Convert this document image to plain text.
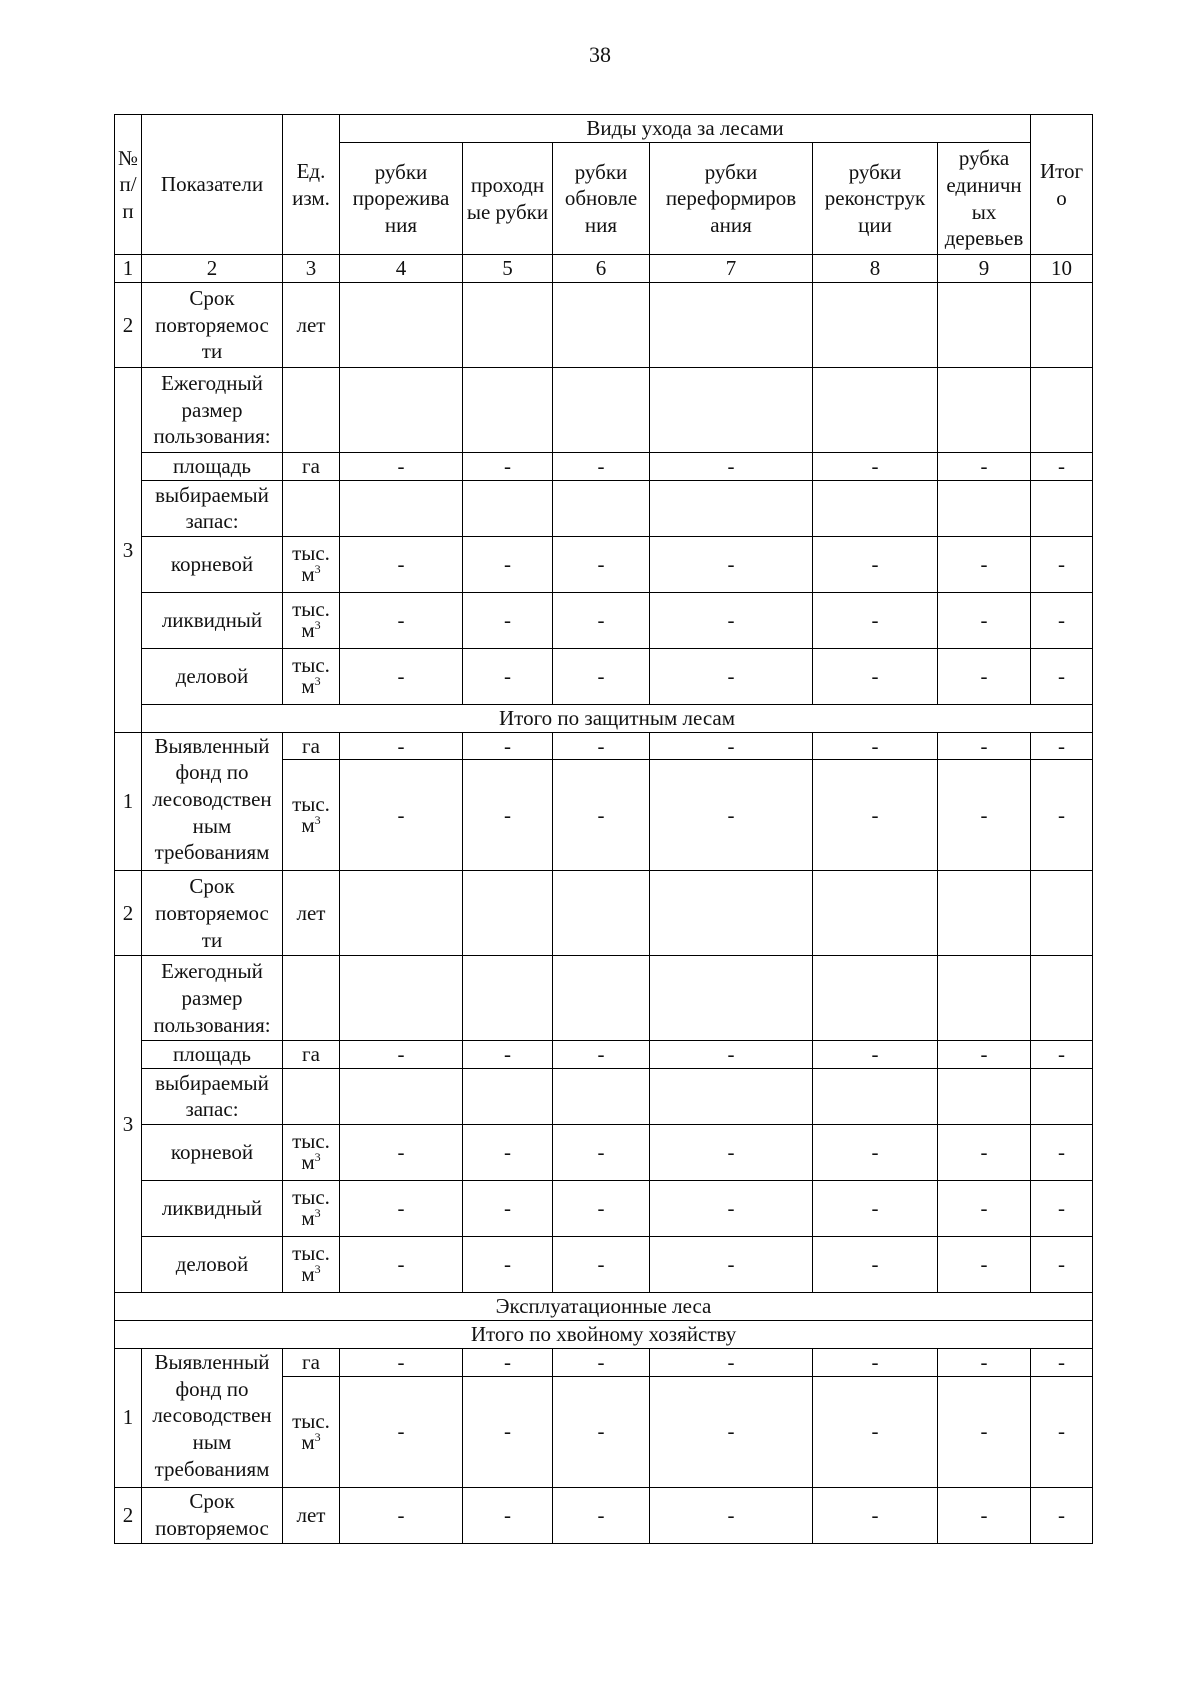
38
№ п/п	Показатели	Ед. изм.	Виды ухода за лесами						Итог о
			рубки прорежива ния	проходн ые рубки	рубки обновле ния	рубки переформиров ания	рубки реконструк ции	рубка единичн ых деревьев	
1	2	3	4	5	6	7	8	9	10
2	Срок повторяемос ти	лет							
3	Ежегодный размер пользования:								
	площадь	га	-	-	-	-	-	-	-
	выбираемый запас:								
	корневой	тыс. $м^3$	-	-	-	-	-	-	-
	ликвидный	тыс. $м^3$	-	-	-	-	-	-	-
	деловой	тыс. $м^3$	-	-	-	-	-	-	-
	Итого по защитным лесам								
1	Выявленный фонд по лесоводствен ным требованиям	га	-	-	-	-	-	-	-
		тыс. $м^3$	-	-	-	-	-	-	-
2	Срок повторяемос ти	лет							
3	Ежегодный размер пользования:								
	площадь	га	-	-	-	-	-	-	-
	выбираемый запас:								
	корневой	тыс. $м^3$	-	-	-	-	-	-	-
	ликвидный	тыс. $м^3$	-	-	-	-	-	-	-
	деловой	тыс. $м^3$	-	-	-	-	-	-	-
Эксплуатационные леса									
Итого по хвойному хозяйству									
1	Выявленный фонд по лесоводствен ным требованиям	га	-	-	-	-	-	-	-
		тыс. $м^3$	-	-	-	-	-	-	-
2	Срок повторяемос	лет	-	-	-	-	-	-	-
